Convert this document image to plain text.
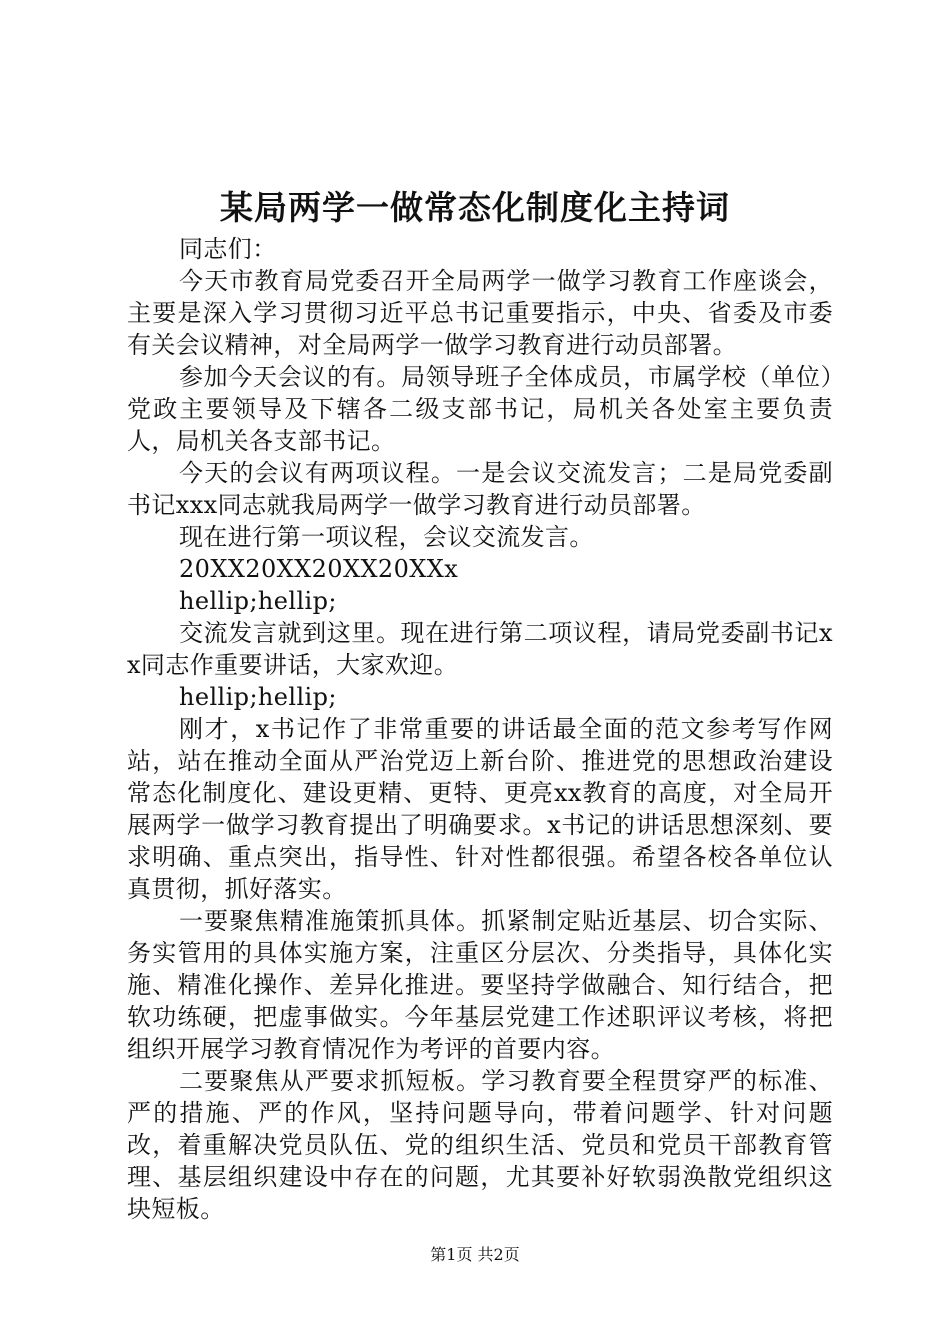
某局两学一做常态化制度化主持词

同志们：

今天市教育局党委召开全局两学一做学习教育工作座谈会，主要是深入学习贯彻习近平总书记重要指示，中央、省委及市委有关会议精神，对全局两学一做学习教育进行动员部署。

参加今天会议的有。局领导班子全体成员，市属学校（单位）党政主要领导及下辖各二级支部书记，局机关各处室主要负责人，局机关各支部书记。

今天的会议有两项议程。一是会议交流发言；二是局党委副书记xxx同志就我局两学一做学习教育进行动员部署。

现在进行第一项议程，会议交流发言。

20XX20XX20XX20XXx

hellip;hellip;

交流发言就到这里。现在进行第二项议程，请局党委副书记xx同志作重要讲话，大家欢迎。

hellip;hellip;

刚才，x书记作了非常重要的讲话最全面的范文参考写作网站，站在推动全面从严治党迈上新台阶、推进党的思想政治建设常态化制度化、建设更精、更特、更亮xx教育的高度，对全局开展两学一做学习教育提出了明确要求。x书记的讲话思想深刻、要求明确、重点突出，指导性、针对性都很强。希望各校各单位认真贯彻，抓好落实。

一要聚焦精准施策抓具体。抓紧制定贴近基层、切合实际、务实管用的具体实施方案，注重区分层次、分类指导，具体化实施、精准化操作、差异化推进。要坚持学做融合、知行结合，把软功练硬，把虚事做实。今年基层党建工作述职评议考核，将把组织开展学习教育情况作为考评的首要内容。

二要聚焦从严要求抓短板。学习教育要全程贯穿严的标准、严的措施、严的作风，坚持问题导向，带着问题学、针对问题改，着重解决党员队伍、党的组织生活、党员和党员干部教育管理、基层组织建设中存在的问题，尤其要补好软弱涣散党组织这块短板。

第1页 共2页
